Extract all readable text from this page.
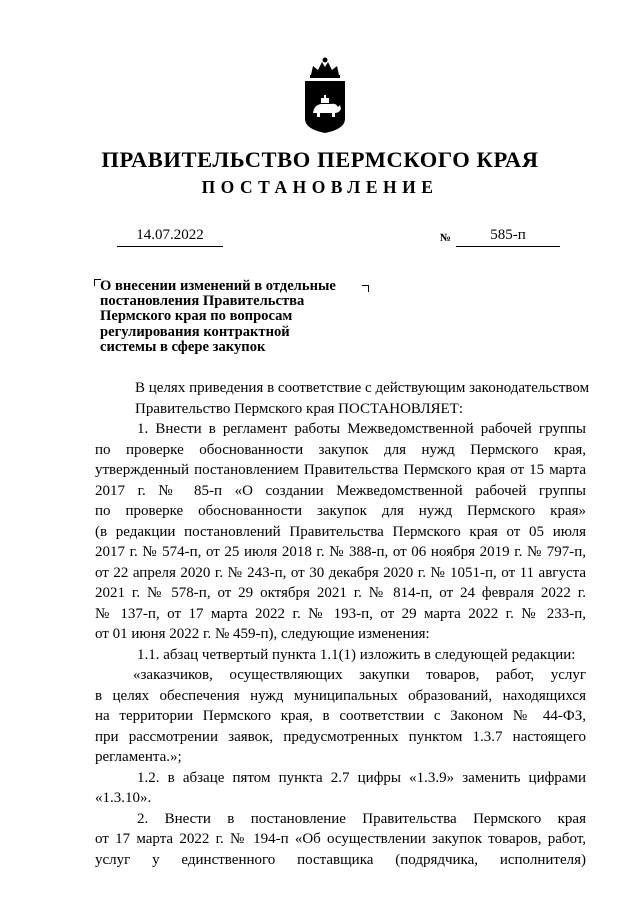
ПРАВИТЕЛЬСТВО ПЕРМСКОГО КРАЯ
ПОСТАНОВЛЕНИЕ
14.07.2022	№	585-п
О внесении изменений в отдельные
постановления Правительства
Пермского края по вопросам
регулирования контрактной
системы в сфере закупок
В целях приведения в соответствие с действующим законодательством
Правительство Пермского края ПОСТАНОВЛЯЕТ:
1. Внести в регламент работы Межведомственной рабочей группы
по проверке обоснованности закупок для нужд Пермского края,
утвержденный постановлением Правительства Пермского края от 15 марта
2017 г. № 85-п «О создании Межведомственной рабочей группы
по проверке обоснованности закупок для нужд Пермского края»
(в редакции постановлений Правительства Пермского края от 05 июля
2017 г. № 574-п, от 25 июля 2018 г. № 388-п, от 06 ноября 2019 г. № 797-п,
от 22 апреля 2020 г. № 243-п, от 30 декабря 2020 г. № 1051-п, от 11 августа
2021 г. № 578-п, от 29 октября 2021 г. № 814-п, от 24 февраля 2022 г.
№ 137-п, от 17 марта 2022 г. № 193-п, от 29 марта 2022 г. № 233-п,
от 01 июня 2022 г. № 459-п), следующие изменения:
1.1. абзац четвертый пункта 1.1(1) изложить в следующей редакции:
«заказчиков, осуществляющих закупки товаров, работ, услуг
в целях обеспечения нужд муниципальных образований, находящихся
на территории Пермского края, в соответствии с Законом № 44-ФЗ,
при рассмотрении заявок, предусмотренных пунктом 1.3.7 настоящего
регламента.»;
1.2. в абзаце пятом пункта 2.7 цифры «1.3.9» заменить цифрами
«1.3.10».
2. Внести в постановление Правительства Пермского края
от 17 марта 2022 г. № 194-п «Об осуществлении закупок товаров, работ,
услуг у единственного поставщика (подрядчика, исполнителя)
